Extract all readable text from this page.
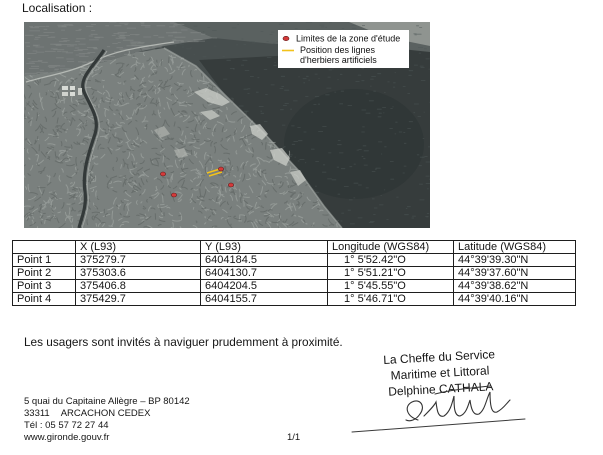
Localisation :
Limites de la zone d'étude
Position des lignes
d'herbiers artificiels
	X (L93)	Y (L93)	Longitude (WGS84)	Latitude (WGS84)
Point 1	375279.7	6404184.5	1° 5'52.42"O	44°39'39.30"N
Point 2	375303.6	6404130.7	1° 5'51.21"O	44°39'37.60"N
Point 3	375406.8	6404204.5	1° 5'45.55"O	44°39'38.62"N
Point 4	375429.7	6404155.7	1° 5'46.71"O	44°39'40.16"N
Les usagers sont invités à naviguer prudemment à proximité.
La Cheffe du Service
Maritime et Littoral
Delphine CATHALA
5 quai du Capitaine Allègre – BP 80142
33311 ARCACHON CEDEX
Tél : 05 57 72 27 44
www.gironde.gouv.fr	1/1
